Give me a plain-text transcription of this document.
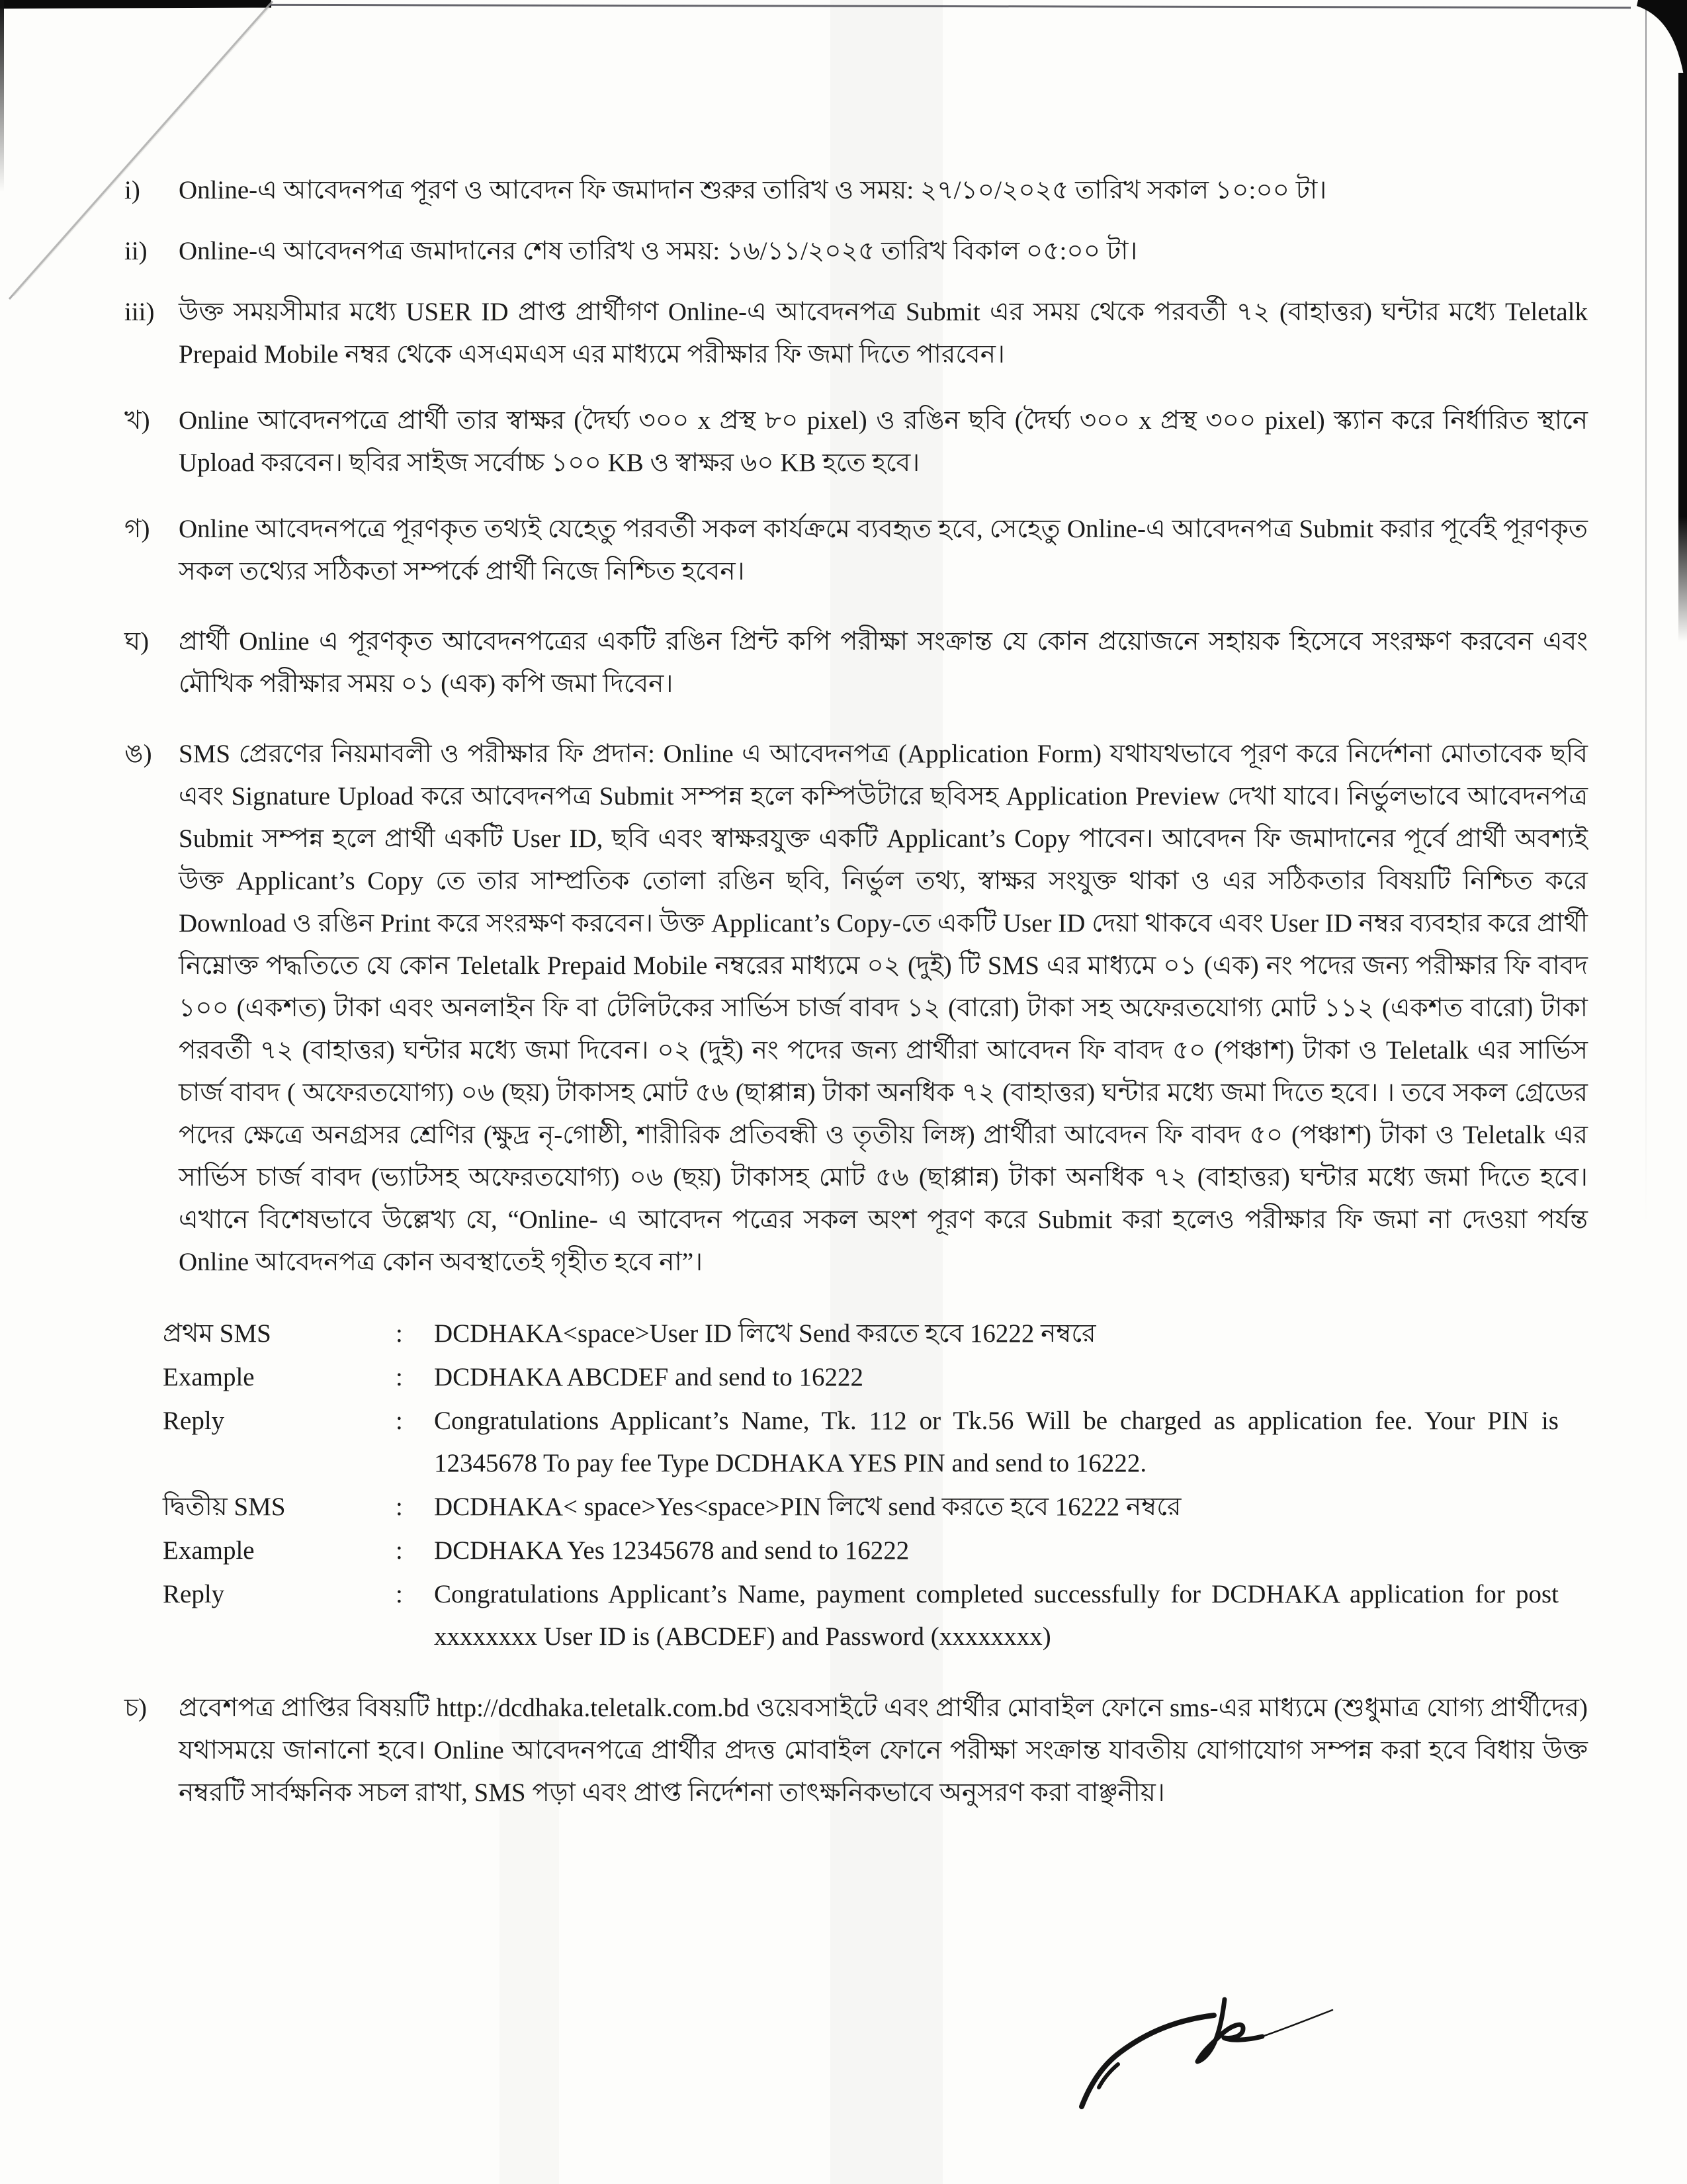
i)	Online-এ আবেদনপত্র পূরণ ও আবেদন ফি জমাদান শুরুর তারিখ ও সময়: ২৭/১০/২০২৫ তারিখ সকাল ১০:০০ টা।
ii)	Online-এ আবেদনপত্র জমাদানের শেষ তারিখ ও সময়: ১৬/১১/২০২৫ তারিখ বিকাল ০৫:০০ টা।
iii) উক্ত সময়সীমার মধ্যে USER ID প্রাপ্ত প্রার্থীগণ Online-এ আবেদনপত্র Submit এর সময় থেকে পরবর্তী ৭২ (বাহাত্তর) ঘন্টার মধ্যে Teletalk Prepaid Mobile নম্বর থেকে এসএমএস এর মাধ্যমে পরীক্ষার ফি জমা দিতে পারবেন।
খ)	Online আবেদনপত্রে প্রার্থী তার স্বাক্ষর (দৈর্ঘ্য ৩০০ x প্রস্থ ৮০ pixel) ও রঙিন ছবি (দৈর্ঘ্য ৩০০ x প্রস্থ ৩০০ pixel) স্ক্যান করে নির্ধারিত স্থানে Upload করবেন। ছবির সাইজ সর্বোচ্চ ১০০ KB ও স্বাক্ষর ৬০ KB হতে হবে।
গ)	Online আবেদনপত্রে পূরণকৃত তথ্যই যেহেতু পরবর্তী সকল কার্যক্রমে ব্যবহৃত হবে, সেহেতু Online-এ আবেদনপত্র Submit করার পূর্বেই পূরণকৃত সকল তথ্যের সঠিকতা সম্পর্কে প্রার্থী নিজে নিশ্চিত হবেন।
ঘ)	প্রার্থী Online এ পূরণকৃত আবেদনপত্রের একটি রঙিন প্রিন্ট কপি পরীক্ষা সংক্রান্ত যে কোন প্রয়োজনে সহায়ক হিসেবে সংরক্ষণ করবেন এবং মৌখিক পরীক্ষার সময় ০১ (এক) কপি জমা দিবেন।
ঙ)	SMS প্রেরণের নিয়মাবলী ও পরীক্ষার ফি প্রদান: Online এ আবেদনপত্র (Application Form) যথাযথভাবে পূরণ করে নির্দেশনা মোতাবেক ছবি এবং Signature Upload করে আবেদনপত্র Submit সম্পন্ন হলে কম্পিউটারে ছবিসহ Application Preview দেখা যাবে। নির্ভুলভাবে আবেদনপত্র Submit সম্পন্ন হলে প্রার্থী একটি User ID, ছবি এবং স্বাক্ষরযুক্ত একটি Applicant’s Copy পাবেন। আবেদন ফি জমাদানের পূর্বে প্রার্থী অবশ্যই উক্ত Applicant’s Copy তে তার সাম্প্রতিক তোলা রঙিন ছবি, নির্ভুল তথ্য, স্বাক্ষর সংযুক্ত থাকা ও এর সঠিকতার বিষয়টি নিশ্চিত করে Download ও রঙিন Print করে সংরক্ষণ করবেন। উক্ত Applicant’s Copy-তে একটি User ID দেয়া থাকবে এবং User ID নম্বর ব্যবহার করে প্রার্থী নিম্নোক্ত পদ্ধতিতে যে কোন Teletalk Prepaid Mobile নম্বরের মাধ্যমে ০২ (দুই) টি SMS এর মাধ্যমে ০১ (এক) নং পদের জন্য পরীক্ষার ফি বাবদ ১০০ (একশত) টাকা এবং অনলাইন ফি বা টেলিটকের সার্ভিস চার্জ বাবদ ১২ (বারো) টাকা সহ অফেরতযোগ্য মোট ১১২ (একশত বারো) টাকা পরবর্তী ৭২ (বাহাত্তর) ঘন্টার মধ্যে জমা দিবেন। ০২ (দুই) নং পদের জন্য প্রার্থীরা আবেদন ফি বাবদ ৫০ (পঞ্চাশ) টাকা ও Teletalk এর সার্ভিস চার্জ বাবদ ( অফেরতযোগ্য) ০৬ (ছয়) টাকাসহ মোট ৫৬ (ছাপ্পান্ন) টাকা অনধিক ৭২ (বাহাত্তর) ঘন্টার মধ্যে জমা দিতে হবে। । তবে সকল গ্রেডের পদের ক্ষেত্রে অনগ্রসর শ্রেণির (ক্ষুদ্র নৃ-গোষ্ঠী, শারীরিক প্রতিবন্ধী ও তৃতীয় লিঙ্গ) প্রার্থীরা আবেদন ফি বাবদ ৫০ (পঞ্চাশ) টাকা ও Teletalk এর সার্ভিস চার্জ বাবদ (ভ্যাটসহ অফেরতযোগ্য) ০৬ (ছয়) টাকাসহ মোট ৫৬ (ছাপ্পান্ন) টাকা অনধিক ৭২ (বাহাত্তর) ঘন্টার মধ্যে জমা দিতে হবে। এখানে বিশেষভাবে উল্লেখ্য যে, “Online- এ আবেদন পত্রের সকল অংশ পূরণ করে Submit করা হলেও পরীক্ষার ফি জমা না দেওয়া পর্যন্ত Online আবেদনপত্র কোন অবস্থাতেই গৃহীত হবে না”।
প্রথম SMS	:	DCDHAKA<space>User ID লিখে Send করতে হবে 16222 নম্বরে
Example	:	DCDHAKA ABCDEF and send to 16222
Reply	:	Congratulations Applicant’s Name, Tk. 112 or Tk.56 Will be charged as application fee. Your PIN is 12345678 To pay fee Type DCDHAKA YES PIN and send to 16222.
দ্বিতীয় SMS	:	DCDHAKA< space>Yes<space>PIN লিখে send করতে হবে 16222 নম্বরে
Example	:	DCDHAKA Yes 12345678 and send to 16222
Reply	:	Congratulations Applicant’s Name, payment completed successfully for DCDHAKA application for post xxxxxxxx User ID is (ABCDEF) and Password (xxxxxxxx)
চ)	প্রবেশপত্র প্রাপ্তির বিষয়টি http://dcdhaka.teletalk.com.bd ওয়েবসাইটে এবং প্রার্থীর মোবাইল ফোনে sms-এর মাধ্যমে (শুধুমাত্র যোগ্য প্রার্থীদের) যথাসময়ে জানানো হবে। Online আবেদনপত্রে প্রার্থীর প্রদত্ত মোবাইল ফোনে পরীক্ষা সংক্রান্ত যাবতীয় যোগাযোগ সম্পন্ন করা হবে বিধায় উক্ত নম্বরটি সার্বক্ষনিক সচল রাখা, SMS পড়া এবং প্রাপ্ত নির্দেশনা তাৎক্ষনিকভাবে অনুসরণ করা বাঞ্ছনীয়।
